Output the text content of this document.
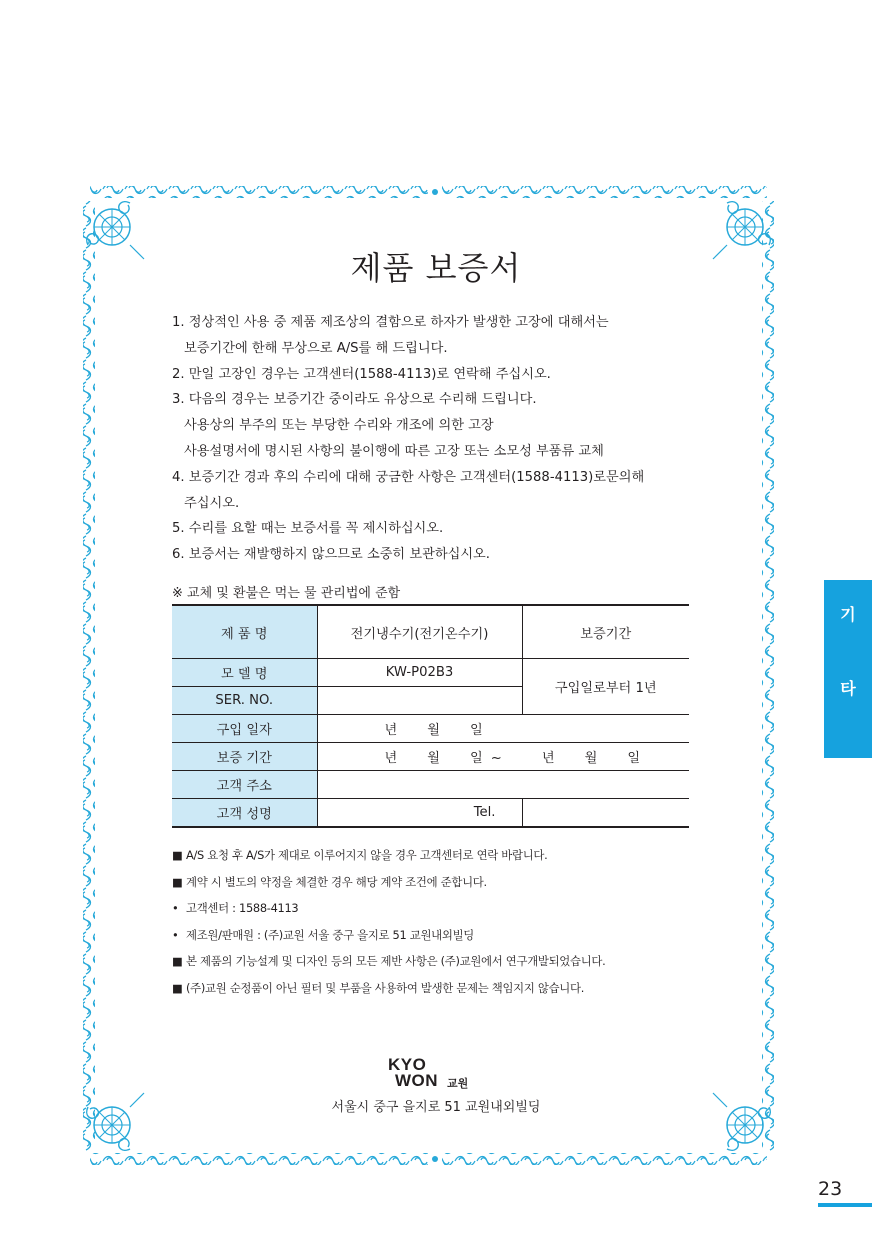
제품 보증서
1. 정상적인 사용 중 제품 제조상의 결함으로 하자가 발생한 고장에 대해서는
보증기간에 한해 무상으로 A/S를 해 드립니다.
2. 만일 고장인 경우는 고객센터(1588-4113)로 연락해 주십시오.
3. 다음의 경우는 보증기간 중이라도 유상으로 수리해 드립니다.
사용상의 부주의 또는 부당한 수리와 개조에 의한 고장
사용설명서에 명시된 사항의 불이행에 따른 고장 또는 소모성 부품류 교체
4. 보증기간 경과 후의 수리에 대해 궁금한 사항은 고객센터(1588-4113)로문의해
주십시오.
5. 수리를 요할 때는 보증서를 꼭 제시하십시오.
6. 보증서는 재발행하지 않으므로 소중히 보관하십시오.
※ 교체 및 환불은 먹는 물 관리법에 준함
제 품 명	전기냉수기(전기온수기)	보증기간
모 델 명	KW-P02B3	구입일로부터 1년
SER. NO.		
구입 일자	년 월 일	
보증 기간	년 월 일 ~ 년 월 일	
고객 주소		
고객 성명	Tel.	
■ A/S 요청 후 A/S가 제대로 이루어지지 않을 경우 고객센터로 연락 바랍니다.
■ 계약 시 별도의 약정을 체결한 경우 해당 계약 조건에 준합니다.
• 고객센터 : 1588-4113
• 제조원/판매원 : (주)교원 서울 중구 을지로 51 교원내외빌딩
■ 본 제품의 기능설계 및 디자인 등의 모든 제반 사항은 (주)교원에서 연구개발되었습니다.
■ (주)교원 순정품이 아닌 필터 및 부품을 사용하여 발생한 문제는 책임지지 않습니다.
KYO
WON 교원
서울시 중구 을지로 51 교원내외빌딩
기
타
23
